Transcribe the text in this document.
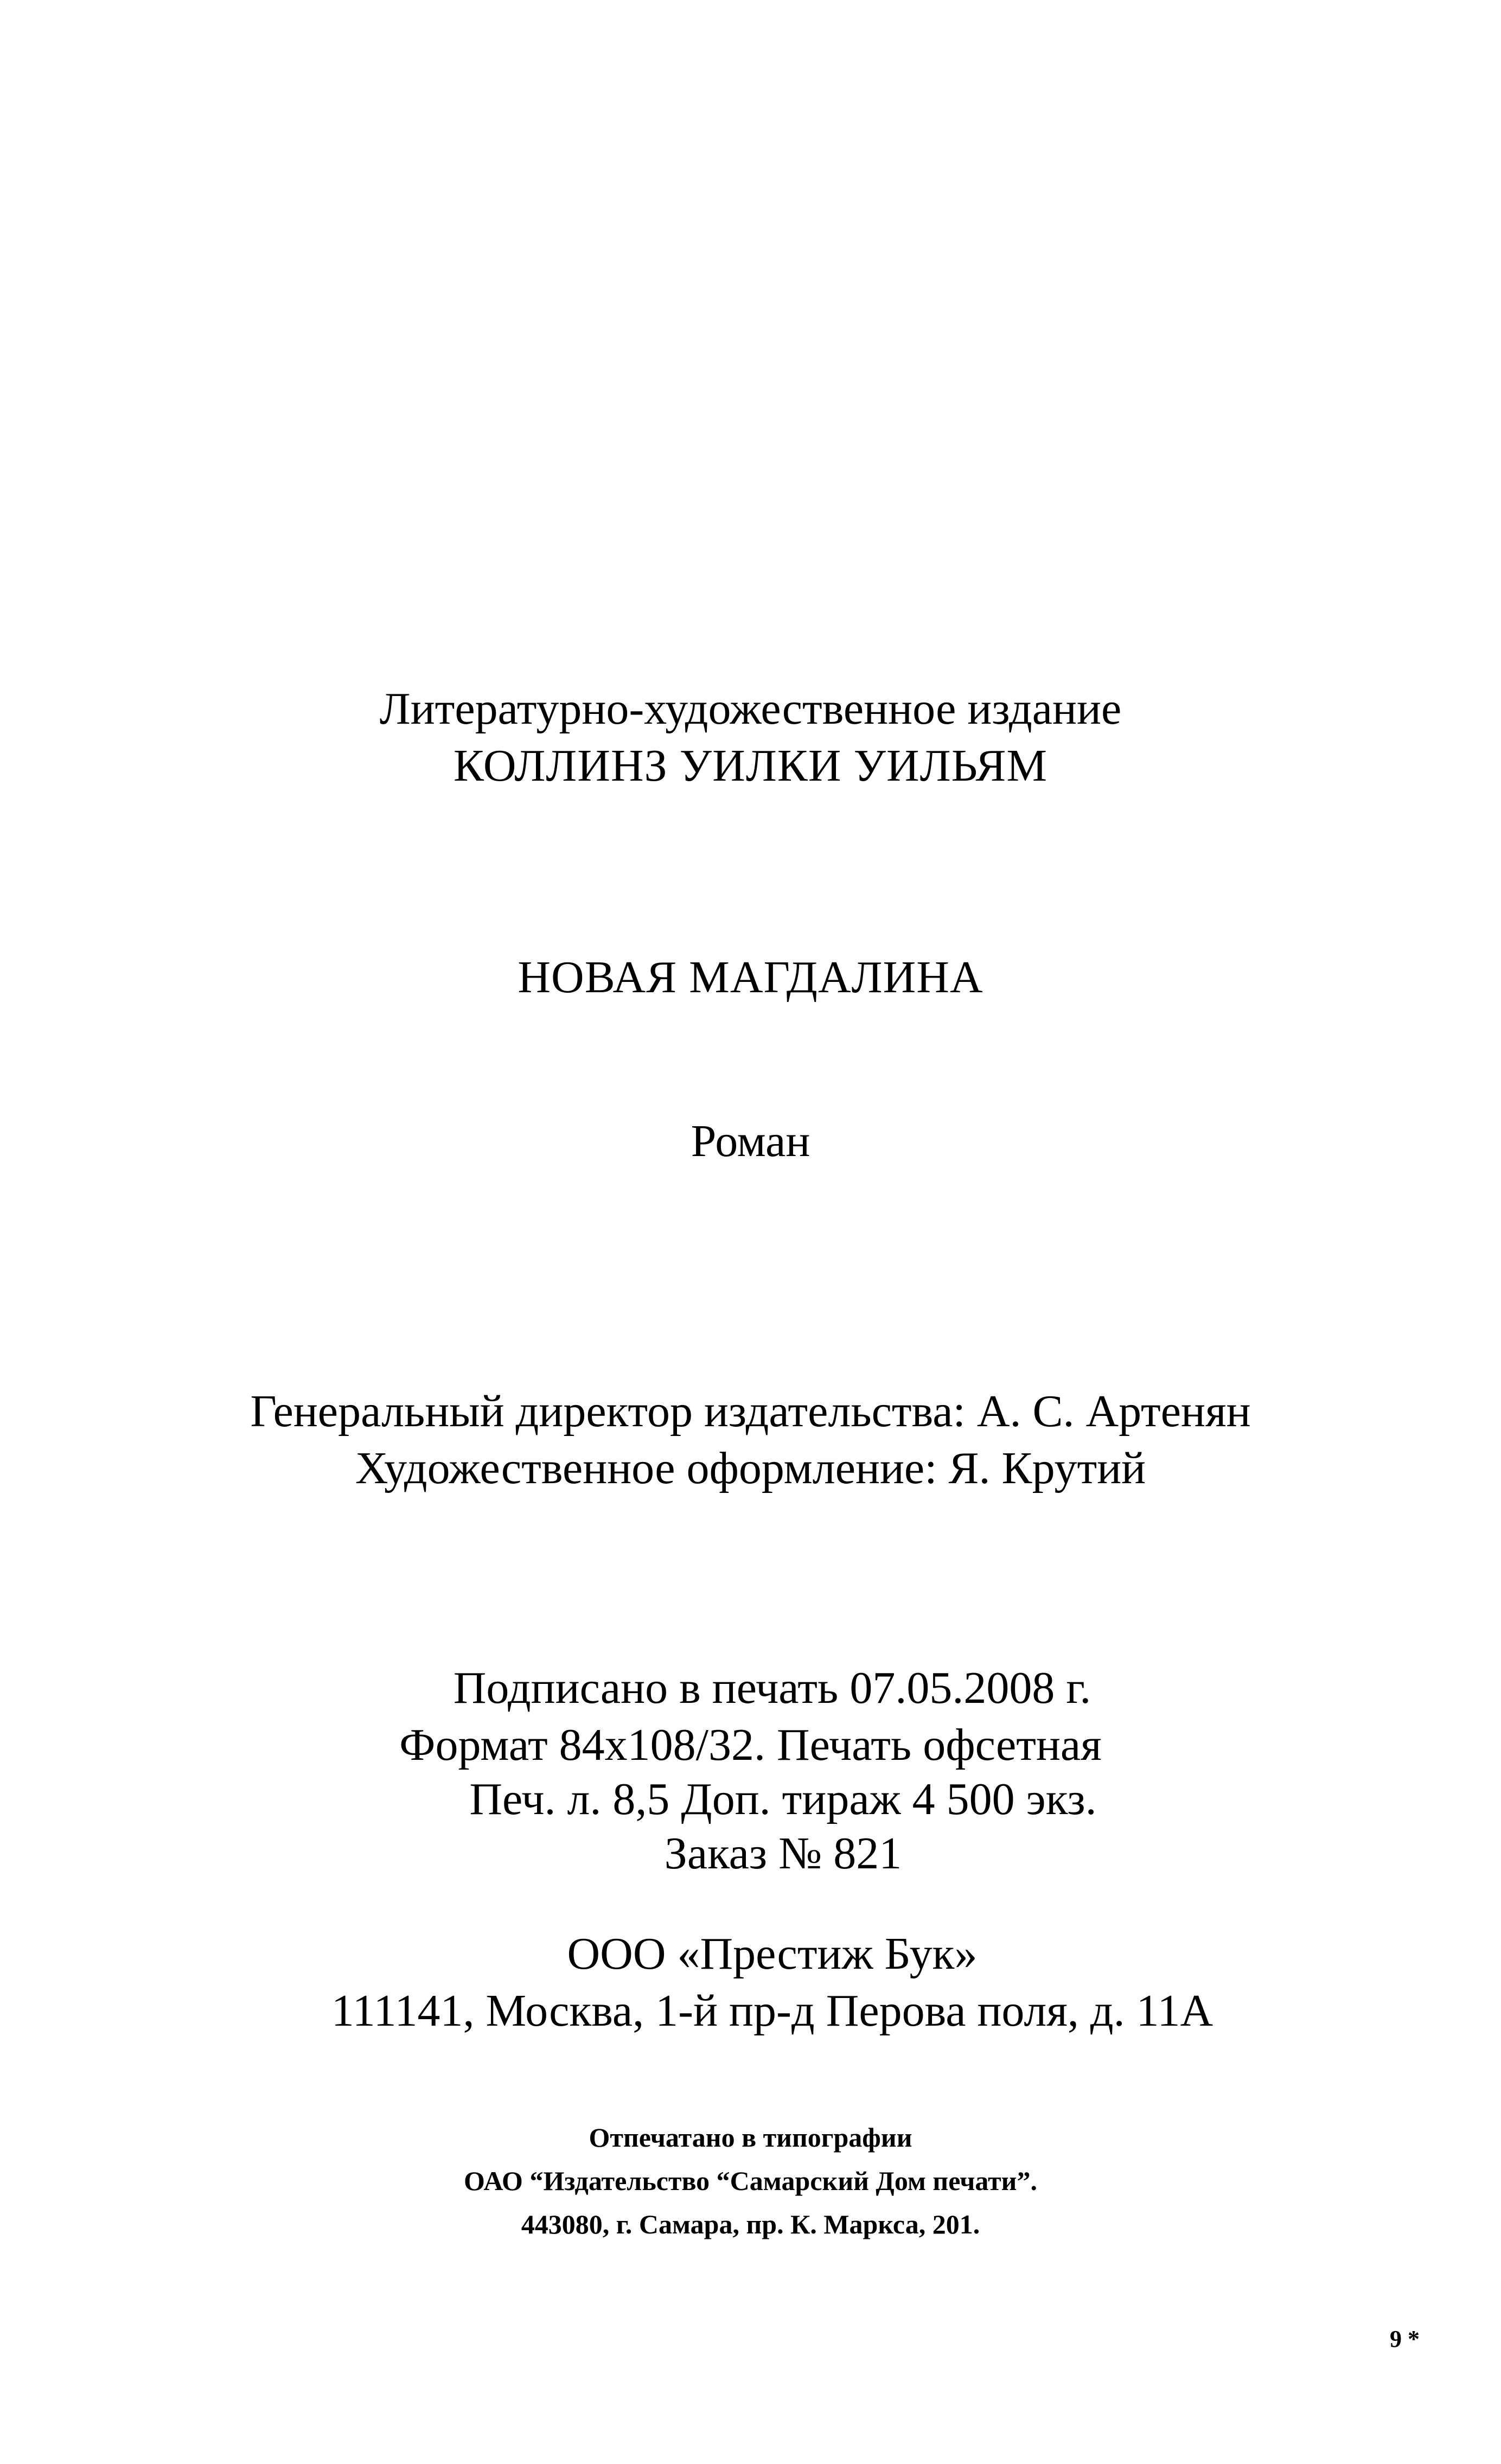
Литературно-художественное издание
КОЛЛИНЗ УИЛКИ УИЛЬЯМ
НОВАЯ МАГДАЛИНА
Роман
Генеральный директор издательства: А. С. Артенян
Художественное оформление: Я. Крутий
Подписано в печать 07.05.2008 г.
Формат 84х108/32. Печать офсетная
Печ. л. 8,5 Доп. тираж 4 500 экз.
Заказ № 821
ООО «Престиж Бук»
111141, Москва, 1-й пр-д Перова поля, д. 11А
Отпечатано в типографии
ОАО “Издательство “Самарский Дом печати”.
443080, г. Самара, пр. К. Маркса, 201.
9 *
